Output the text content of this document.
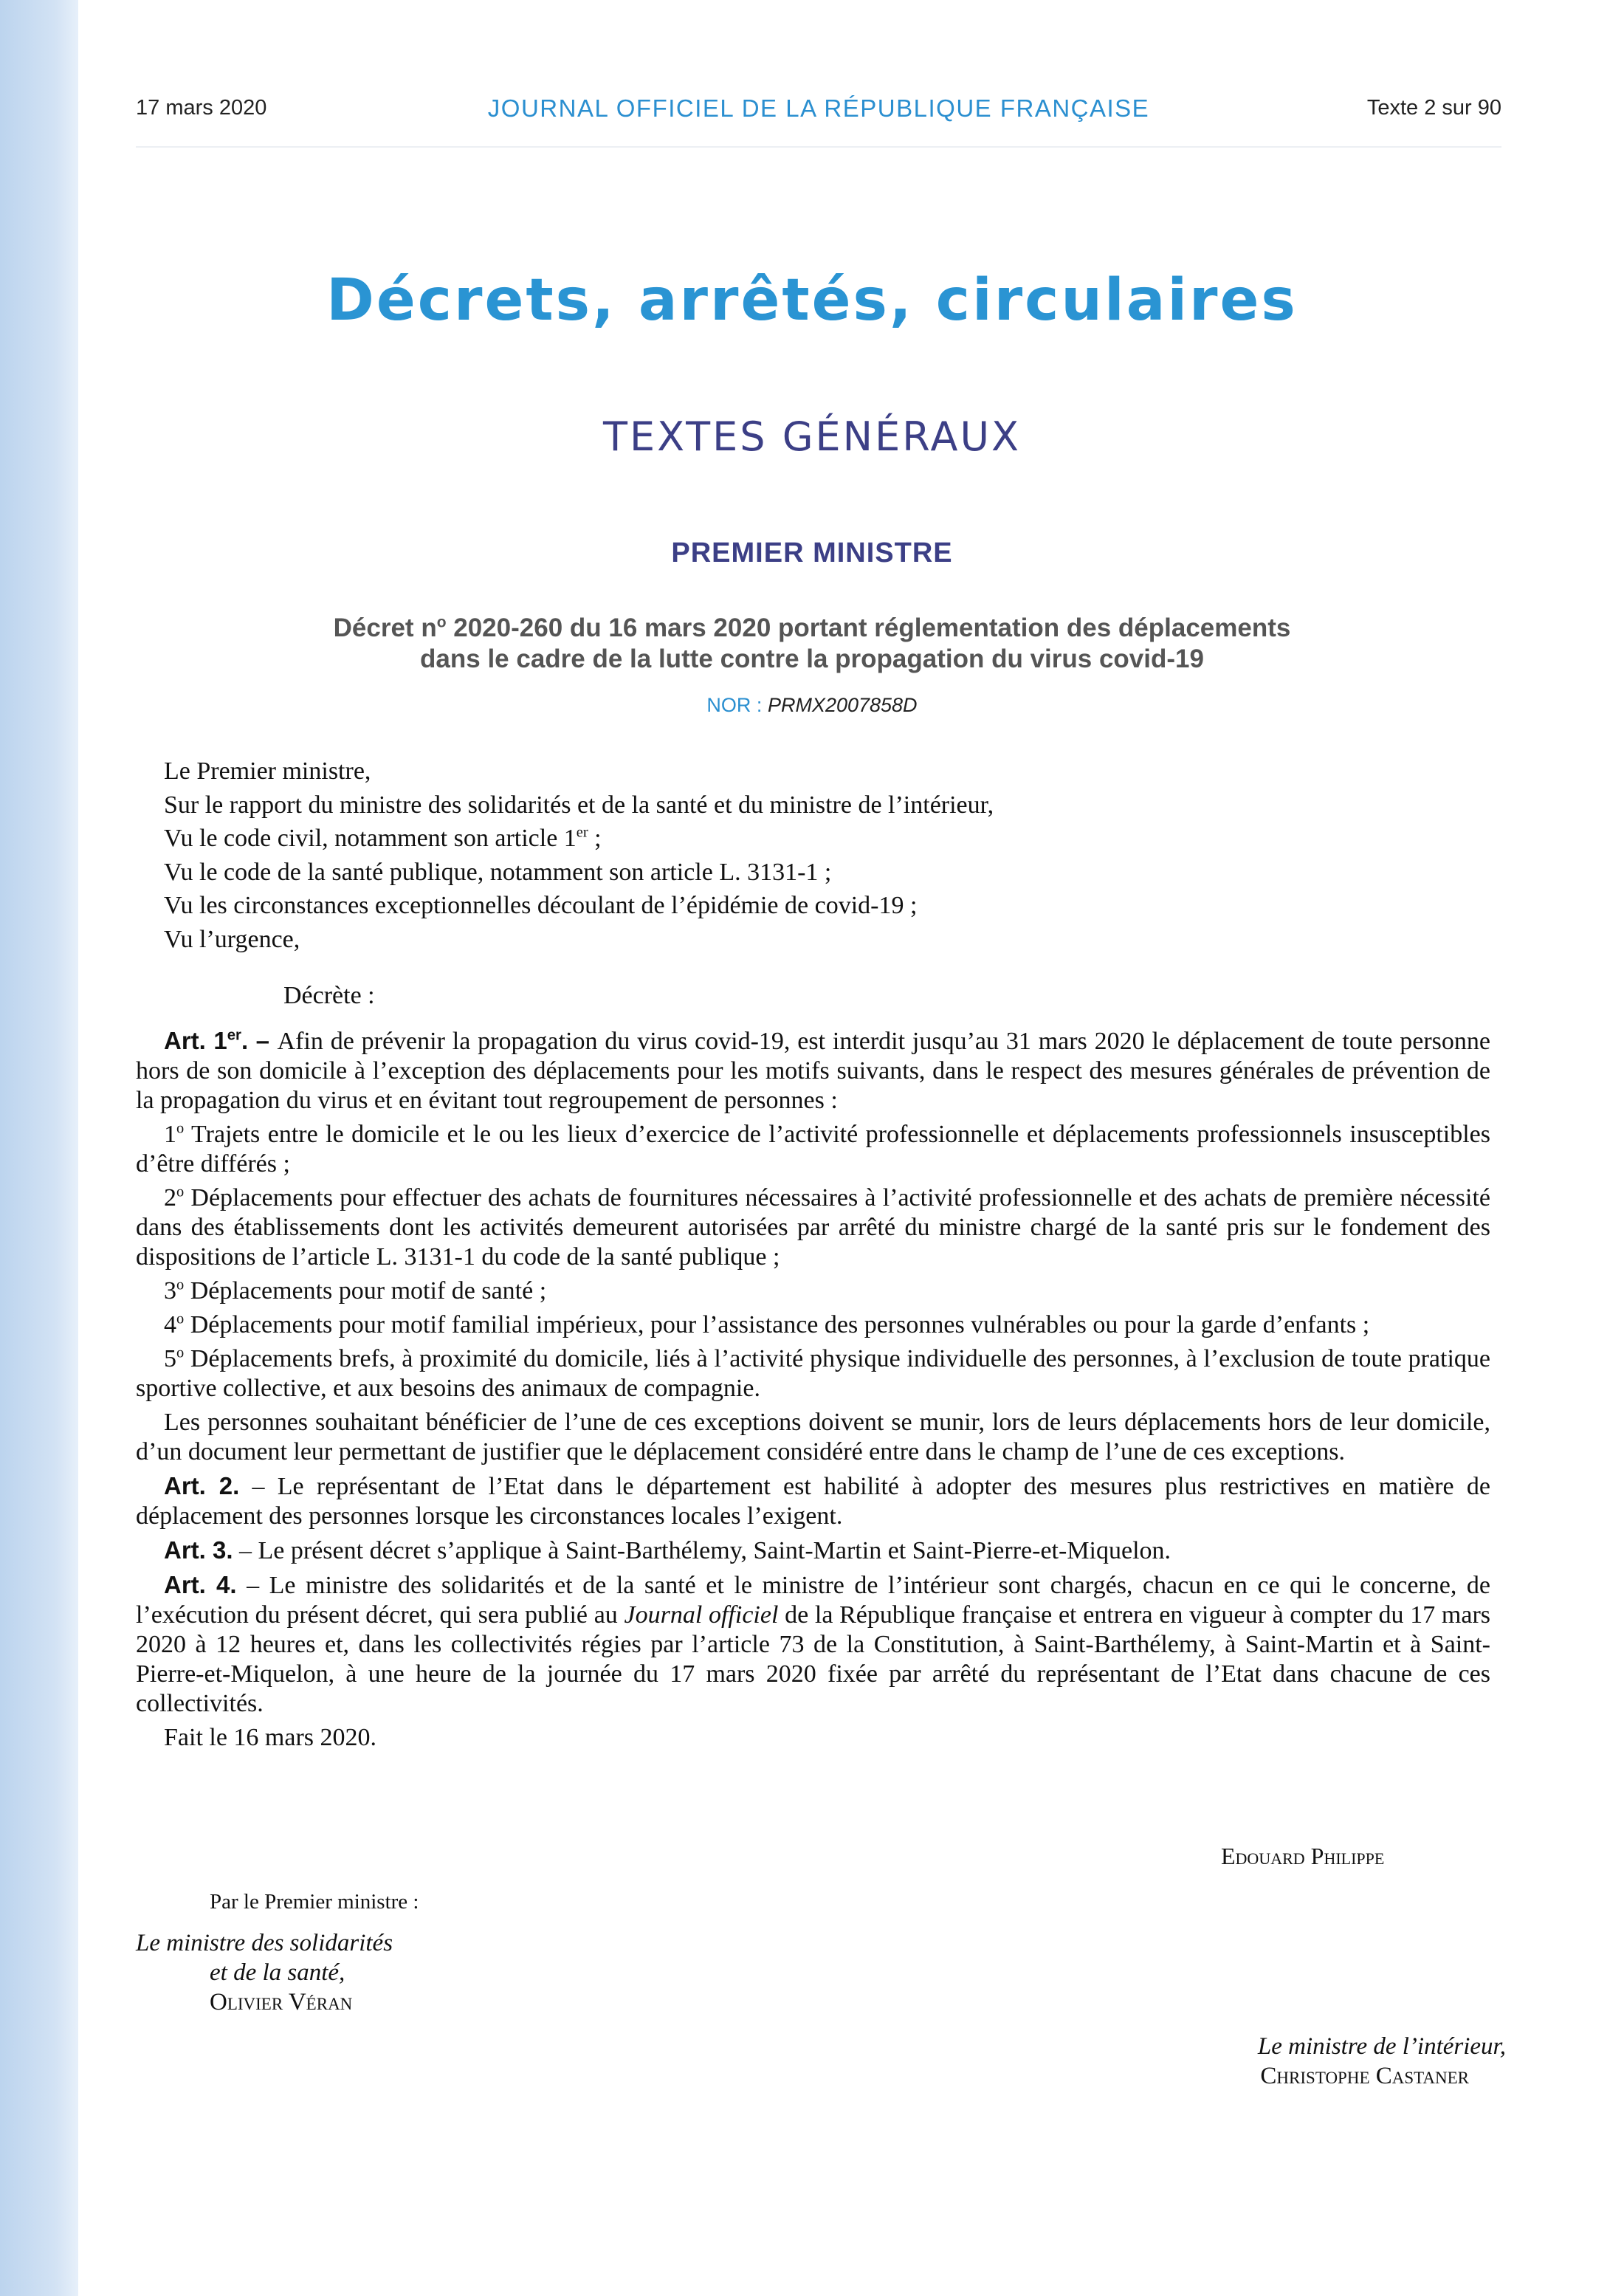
17 mars 2020	JOURNAL OFFICIEL DE LA RÉPUBLIQUE FRANÇAISE	Texte 2 sur 90
Décrets, arrêtés, circulaires
TEXTES GÉNÉRAUX
PREMIER MINISTRE
Décret $n^o$ 2020-260 du 16 mars 2020 portant réglementation des déplacements
dans le cadre de la lutte contre la propagation du virus covid-19
NOR : PRMX2007858D

Le Premier ministre,

Sur le rapport du ministre des solidarités et de la santé et du ministre de l’intérieur,

Vu le code civil, notamment son article 1er ;

Vu le code de la santé publique, notamment son article L. 3131-1 ;

Vu les circonstances exceptionnelles découlant de l’épidémie de covid-19 ;

Vu l’urgence,

Décrète :

Art. 1er. – Afin de prévenir la propagation du virus covid-19, est interdit jusqu’au 31 mars 2020 le déplacement de toute personne hors de son domicile à l’exception des déplacements pour les motifs suivants, dans le respect des mesures générales de prévention de la propagation du virus et en évitant tout regroupement de personnes :

1$^o$ Trajets entre le domicile et le ou les lieux d’exercice de l’activité professionnelle et déplacements professionnels insusceptibles d’être différés ;

2$^o$ Déplacements pour effectuer des achats de fournitures nécessaires à l’activité professionnelle et des achats de première nécessité dans des établissements dont les activités demeurent autorisées par arrêté du ministre chargé de la santé pris sur le fondement des dispositions de l’article L. 3131-1 du code de la santé publique ;

3$^o$ Déplacements pour motif de santé ;

4$^o$ Déplacements pour motif familial impérieux, pour l’assistance des personnes vulnérables ou pour la garde d’enfants ;

5$^o$ Déplacements brefs, à proximité du domicile, liés à l’activité physique individuelle des personnes, à l’exclusion de toute pratique sportive collective, et aux besoins des animaux de compagnie.

Les personnes souhaitant bénéficier de l’une de ces exceptions doivent se munir, lors de leurs déplacements hors de leur domicile, d’un document leur permettant de justifier que le déplacement considéré entre dans le champ de l’une de ces exceptions.

Art. 2. – Le représentant de l’Etat dans le département est habilité à adopter des mesures plus restrictives en matière de déplacement des personnes lorsque les circonstances locales l’exigent.

Art. 3. – Le présent décret s’applique à Saint-Barthélemy, Saint-Martin et Saint-Pierre-et-Miquelon.

Art. 4. – Le ministre des solidarités et de la santé et le ministre de l’intérieur sont chargés, chacun en ce qui le concerne, de l’exécution du présent décret, qui sera publié au Journal officiel de la République française et entrera en vigueur à compter du 17 mars 2020 à 12 heures et, dans les collectivités régies par l’article 73 de la Constitution, à Saint-Barthélemy, à Saint-Martin et à Saint-Pierre-et-Miquelon, à une heure de la journée du 17 mars 2020 fixée par arrêté du représentant de l’Etat dans chacune de ces collectivités.

Fait le 16 mars 2020.

Edouard Philippe
Par le Premier ministre :
Le ministre des solidarités
et de la santé,
Olivier Véran
Le ministre de l’intérieur,
Christophe Castaner
